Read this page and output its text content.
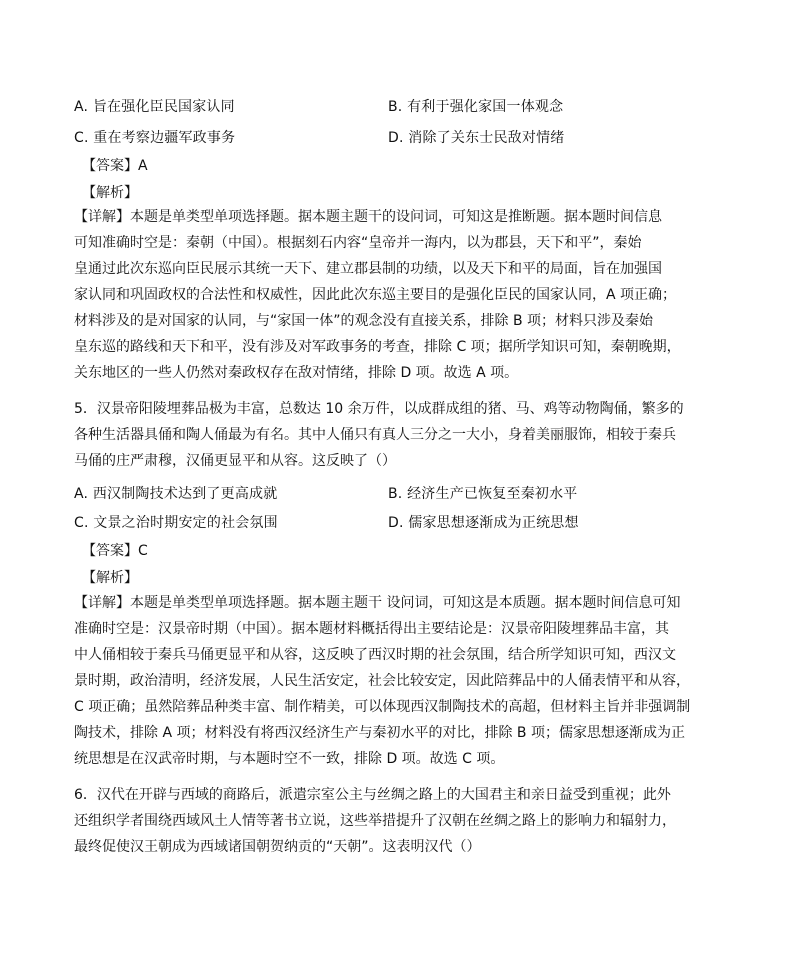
A. 旨在强化臣民国家认同	B. 有利于强化家国一体观念
C. 重在考察边疆军政事务	D. 消除了关东士民敌对情绪
【答案】A
【解析】
【详解】本题是单类型单项选择题。据本题主题干的设问词，可知这是推断题。据本题时间信息
可知准确时空是：秦朝（中国）。根据刻石内容“皇帝并一海内，以为郡县，天下和平”，秦始
皇通过此次东巡向臣民展示其统一天下、建立郡县制的功绩，以及天下和平的局面，旨在加强国
家认同和巩固政权的合法性和权威性，因此此次东巡主要目的是强化臣民的国家认同，A 项正确；
材料涉及的是对国家的认同，与“家国一体”的观念没有直接关系，排除 B 项；材料只涉及秦始
皇东巡的路线和天下和平，没有涉及对军政事务的考查，排除 C 项；据所学知识可知，秦朝晚期，
关东地区的一些人仍然对秦政权存在敌对情绪，排除 D 项。故选 A 项。
5．汉景帝阳陵埋葬品极为丰富，总数达 10 余万件，以成群成组的猪、马、鸡等动物陶俑，繁多的
各种生活器具俑和陶人俑最为有名。其中人俑只有真人三分之一大小，身着美丽服饰，相较于秦兵
马俑的庄严肃穆，汉俑更显平和从容。这反映了（）
A. 西汉制陶技术达到了更高成就	B. 经济生产已恢复至秦初水平
C. 文景之治时期安定的社会氛围	D. 儒家思想逐渐成为正统思想
【答案】C
【解析】
【详解】本题是单类型单项选择题。据本题主题干 设问词，可知这是本质题。据本题时间信息可知
准确时空是：汉景帝时期（中国）。据本题材料概括得出主要结论是：汉景帝阳陵埋葬品丰富，其
中人俑相较于秦兵马俑更显平和从容，这反映了西汉时期的社会氛围，结合所学知识可知，西汉文
景时期，政治清明，经济发展，人民生活安定，社会比较安定，因此陪葬品中的人俑表情平和从容，
C 项正确；虽然陪葬品种类丰富、制作精美，可以体现西汉制陶技术的高超，但材料主旨并非强调制
陶技术，排除 A 项；材料没有将西汉经济生产与秦初水平的对比，排除 B 项；儒家思想逐渐成为正
统思想是在汉武帝时期，与本题时空不一致，排除 D 项。故选 C 项。
6．汉代在开辟与西域的商路后，派遣宗室公主与丝绸之路上的大国君主和亲日益受到重视；此外
还组织学者围绕西域风土人情等著书立说，这些举措提升了汉朝在丝绸之路上的影响力和辐射力，
最终促使汉王朝成为西域诸国朝贺纳贡的“天朝”。这表明汉代（）
